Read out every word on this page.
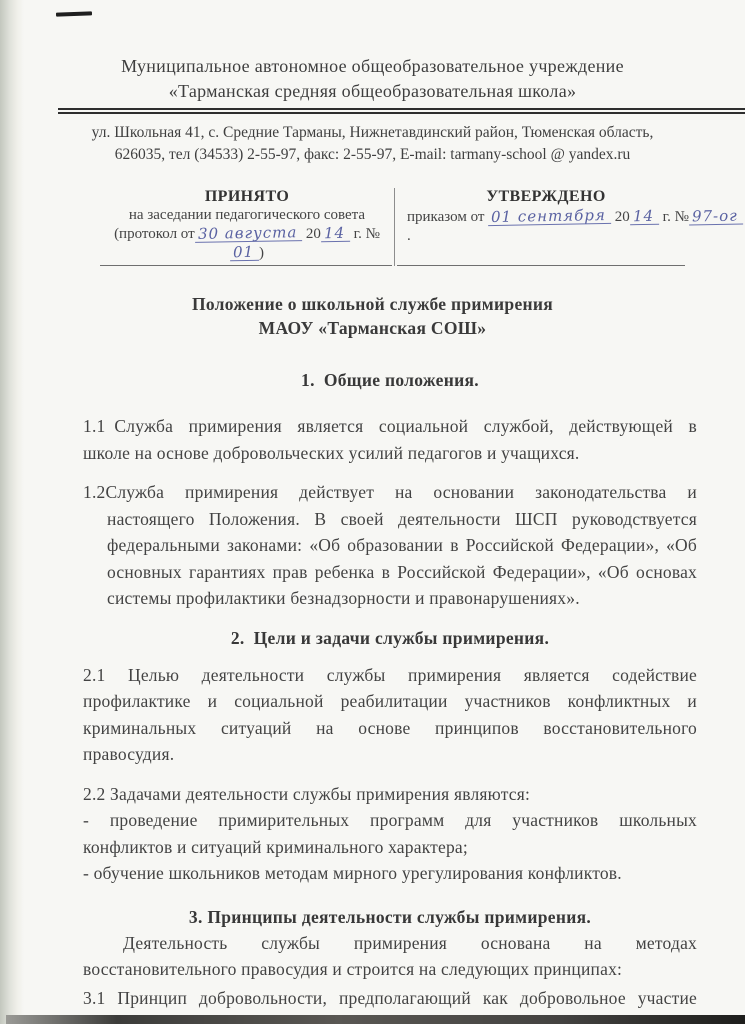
Муниципальное автономное общеобразовательное учреждение
«Тарманская средняя общеобразовательная школа»
ул. Школьная 41, с. Средние Тарманы, Нижнетавдинский район, Тюменская область,
626035, тел (34533) 2-55-97, факс: 2-55-97, E-mail: tarmany-school @ yandex.ru
ПРИНЯТО
на заседании педагогического совета
(протокол от 30 августа 20 14 г. № 01 )
УТВЕРЖДЕНО
приказом от 01 сентября 20 14 г. № 97-ог.
Положение о школьной службе примирения
МАОУ «Тарманская СОШ»
1. Общие положения.
1.1 Служба примирения является социальной службой, действующей в
школе на основе добровольческих усилий педагогов и учащихся.
1.2Служба примирения действует на основании законодательства и
настоящего Положения. В своей деятельности ШСП руководствуется
федеральными законами: «Об образовании в Российской Федерации», «Об
основных гарантиях прав ребенка в Российской Федерации», «Об основах
системы профилактики безнадзорности и правонарушениях».
2. Цели и задачи службы примирения.
2.1 Целью деятельности службы примирения является содействие
профилактике и социальной реабилитации участников конфликтных и
криминальных ситуаций на основе принципов восстановительного
правосудия.
2.2 Задачами деятельности службы примирения являются:
- проведение примирительных программ для участников школьных
конфликтов и ситуаций криминального характера;
- обучение школьников методам мирного урегулирования конфликтов.
3. Принципы деятельности службы примирения.
Деятельность службы примирения основана на методах
восстановительного правосудия и строится на следующих принципах:
3.1 Принцип добровольности, предполагающий как добровольное участие
